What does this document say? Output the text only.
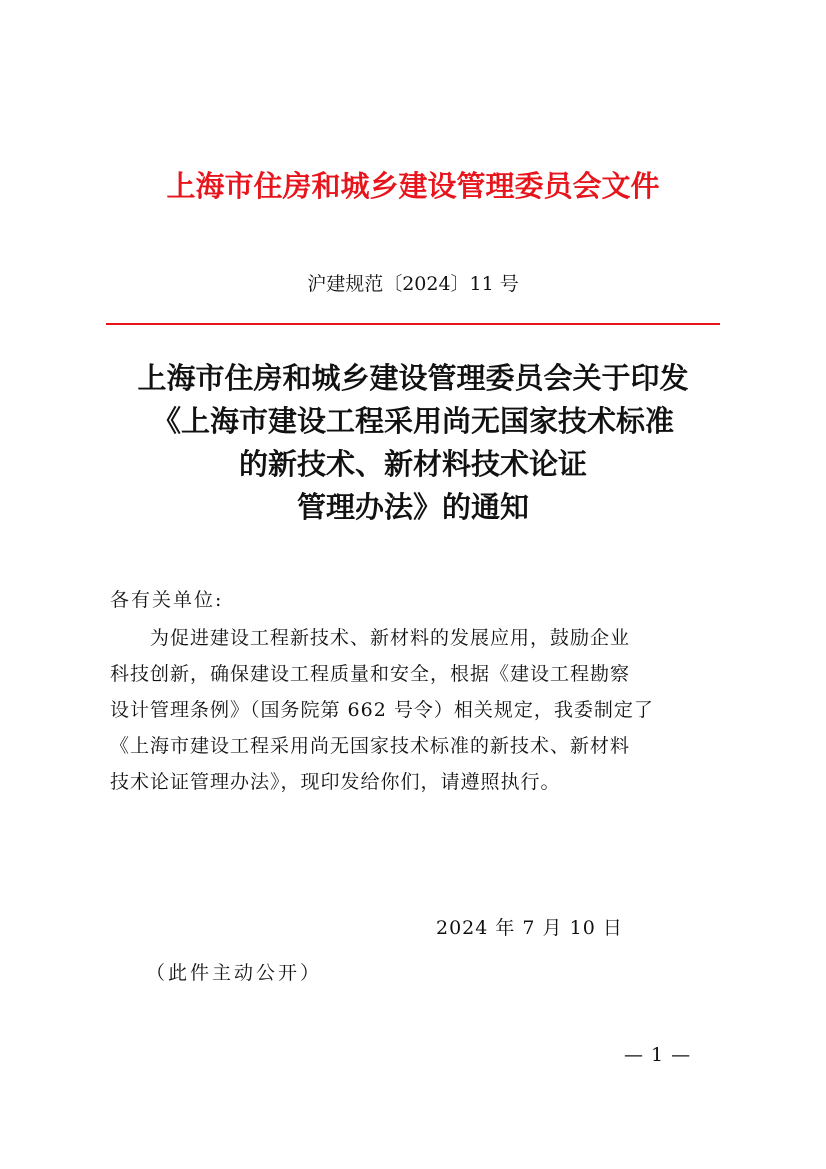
上海市住房和城乡建设管理委员会文件
沪建规范〔2024〕11 号
上海市住房和城乡建设管理委员会关于印发
《上海市建设工程采用尚无国家技术标准
的新技术、新材料技术论证
管理办法》的通知
各有关单位:
　　为促进建设工程新技术、新材料的发展应用，鼓励企业
科技创新，确保建设工程质量和安全，根据《建设工程勘察
设计管理条例》（国务院第 662 号令）相关规定，我委制定了
《上海市建设工程采用尚无国家技术标准的新技术、新材料
技术论证管理办法》，现印发给你们，请遵照执行。
2024 年 7 月 10 日
（此件主动公开）
— 1 —
